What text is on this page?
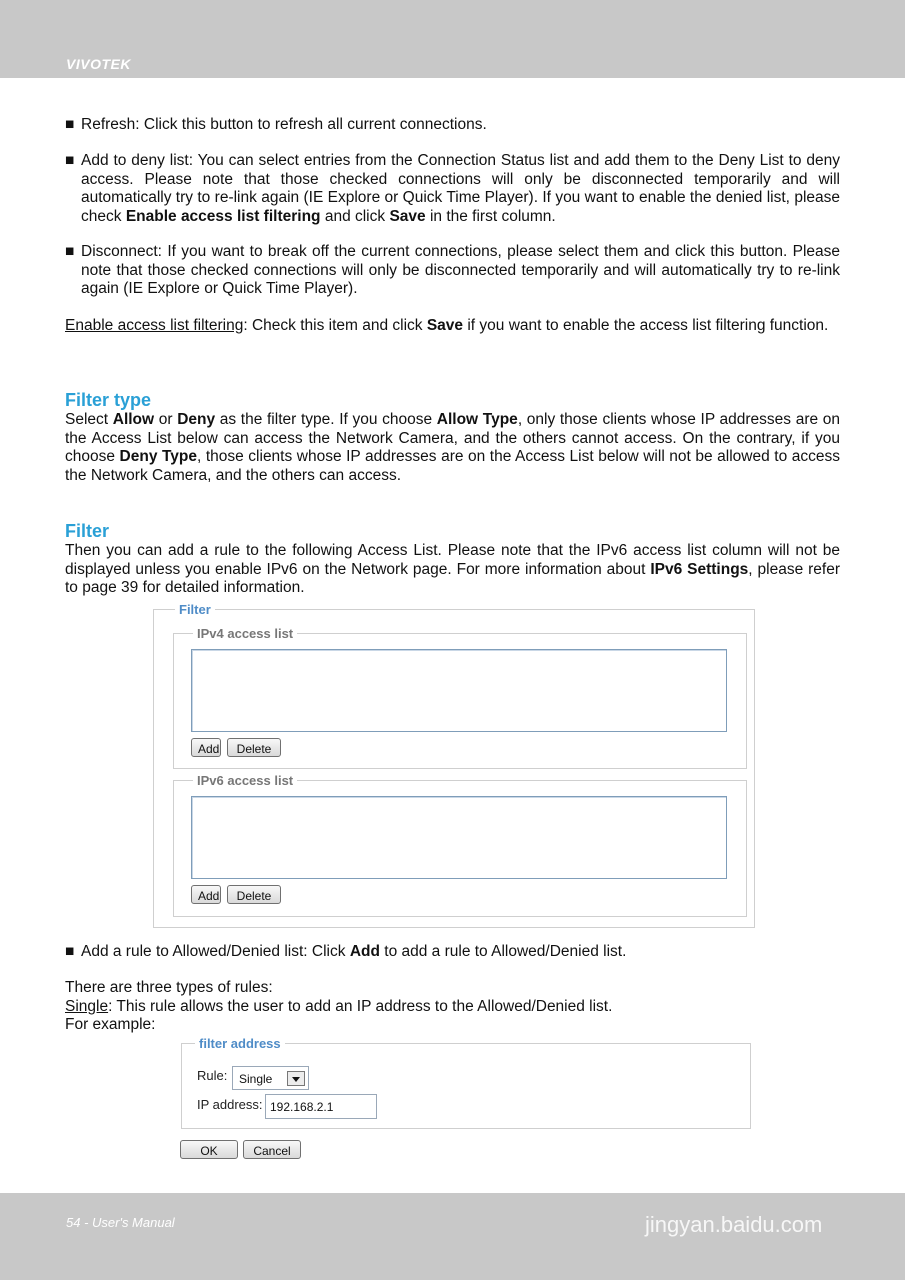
VIVOTEK

■ Refresh: Click this button to refresh all current connections.

■ Add to deny list: You can select entries from the Connection Status list and add them to the Deny List to deny access. Please note that those checked connections will only be disconnected temporarily and will automatically try to re-link again (IE Explore or Quick Time Player). If you want to enable the denied list, please check Enable access list filtering and click Save in the first column.

■ Disconnect: If you want to break off the current connections, please select them and click this button. Please note that those checked connections will only be disconnected temporarily and will automatically try to re-link again (IE Explore or Quick Time Player).

Enable access list filtering: Check this item and click Save if you want to enable the access list filtering function.

Filter type

Select Allow or Deny as the filter type. If you choose Allow Type, only those clients whose IP addresses are on the Access List below can access the Network Camera, and the others cannot access. On the contrary, if you choose Deny Type, those clients whose IP addresses are on the Access List below will not be allowed to access the Network Camera, and the others can access.

Filter

Then you can add a rule to the following Access List. Please note that the IPv6 access list column will not be displayed unless you enable IPv6 on the Network page. For more information about IPv6 Settings, please refer to page 39 for detailed information.

Filter
IPv4 access list
Add	Delete
IPv6 access list
Add	Delete

■ Add a rule to Allowed/Denied list: Click Add to add a rule to Allowed/Denied list.

There are three types of rules:

Single: This rule allows the user to add an IP address to the Allowed/Denied list.

For example:

filter address
Rule: Single
IP address: 192.168.2.1
OK	Cancel
54 - User's Manual
Bai百 经验
jingyan.baidu.com
